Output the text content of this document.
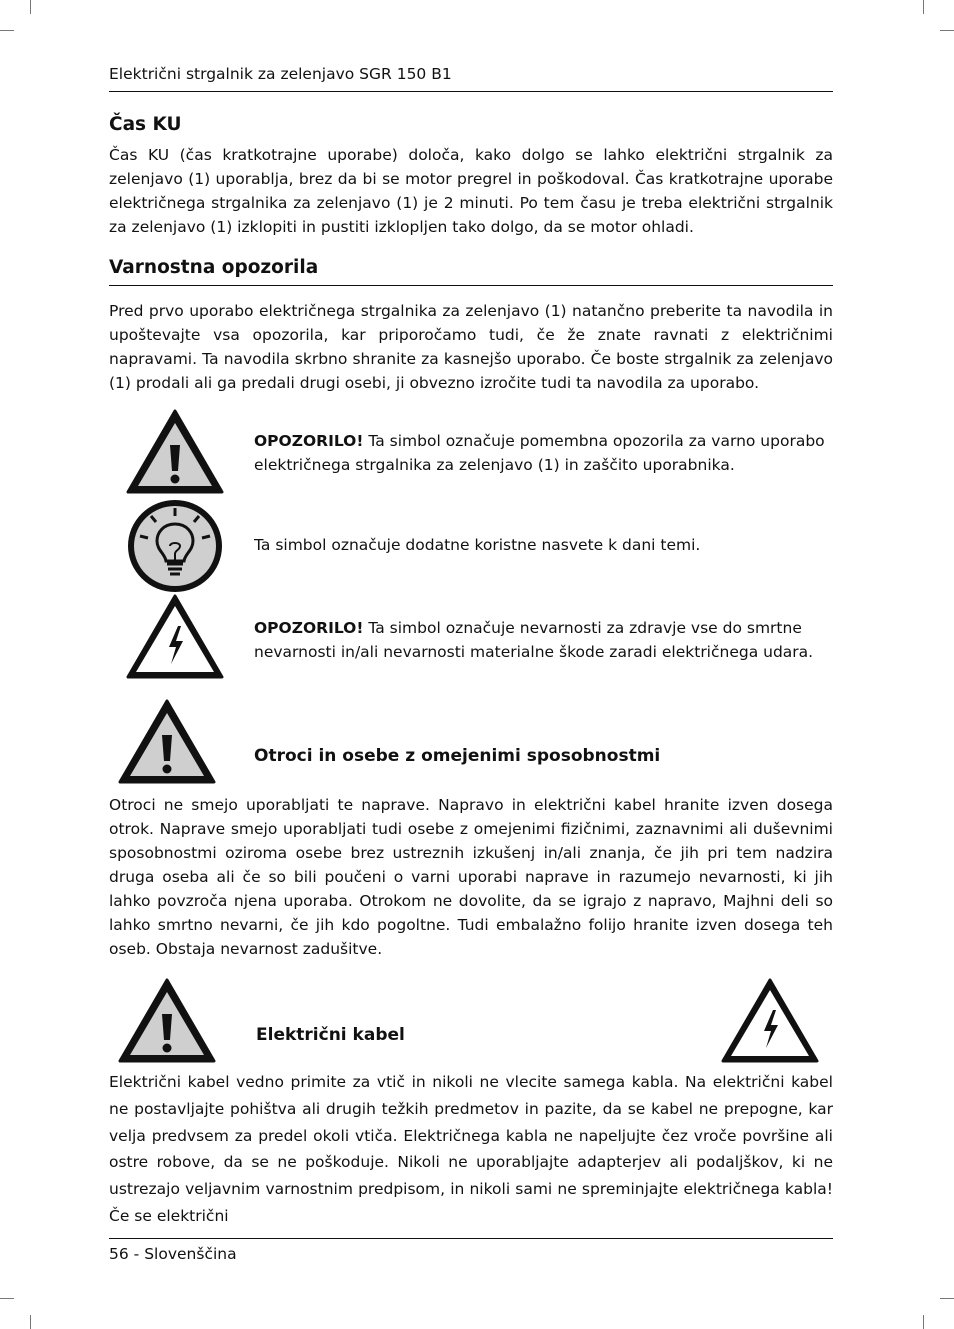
Električni strgalnik za zelenjavo SGR 150 B1
Čas KU

Čas KU (čas kratkotrajne uporabe) določa, kako dolgo se lahko električni strgalnik za zelenjavo (1) uporablja, brez da bi se motor pregrel in poškodoval. Čas kratkotrajne uporabe električnega strgalnika za zelenjavo (1) je 2 minuti. Po tem času je treba električni strgalnik za zelenjavo (1) izklopiti in pustiti izklopljen tako dolgo, da se motor ohladi.

Varnostna opozorila

Pred prvo uporabo električnega strgalnika za zelenjavo (1) natančno preberite ta navodila in upoštevajte vsa opozorila, kar priporočamo tudi, če že znate ravnati z električnimi napravami. Ta navodila skrbno shranite za kasnejšo uporabo. Če boste strgalnik za zelenjavo (1) prodali ali ga predali drugi osebi, ji obvezno izročite tudi ta navodila za uporabo.

OPOZORILO! Ta simbol označuje pomembna opozorila za varno uporabo električnega strgalnika za zelenjavo (1) in zaščito uporabnika.

Ta simbol označuje dodatne koristne nasvete k dani temi.

OPOZORILO! Ta simbol označuje nevarnosti za zdravje vse do smrtne nevarnosti in/ali nevarnosti materialne škode zaradi električnega udara.

Otroci in osebe z omejenimi sposobnostmi

Otroci ne smejo uporabljati te naprave. Napravo in električni kabel hranite izven dosega otrok. Naprave smejo uporabljati tudi osebe z omejenimi fizičnimi, zaznavnimi ali duševnimi sposobnostmi oziroma osebe brez ustreznih izkušenj in/ali znanja, če jih pri tem nadzira druga oseba ali če so bili poučeni o varni uporabi naprave in razumejo nevarnosti, ki jih lahko povzroča njena uporaba. Otrokom ne dovolite, da se igrajo z napravo, Majhni deli so lahko smrtno nevarni, če jih kdo pogoltne. Tudi embalažno folijo hranite izven dosega teh oseb. Obstaja nevarnost zadušitve.

Električni kabel

Električni kabel vedno primite za vtič in nikoli ne vlecite samega kabla. Na električni kabel ne postavljajte pohištva ali drugih težkih predmetov in pazite, da se kabel ne prepogne, kar velja predvsem za predel okoli vtiča. Električnega kabla ne napeljujte čez vroče površine ali ostre robove, da se ne poškoduje. Nikoli ne uporabljajte adapterjev ali podaljškov, ki ne ustrezajo veljavnim varnostnim predpisom, in nikoli sami ne spreminjajte električnega kabla! Če se električni

56 - Slovenščina
